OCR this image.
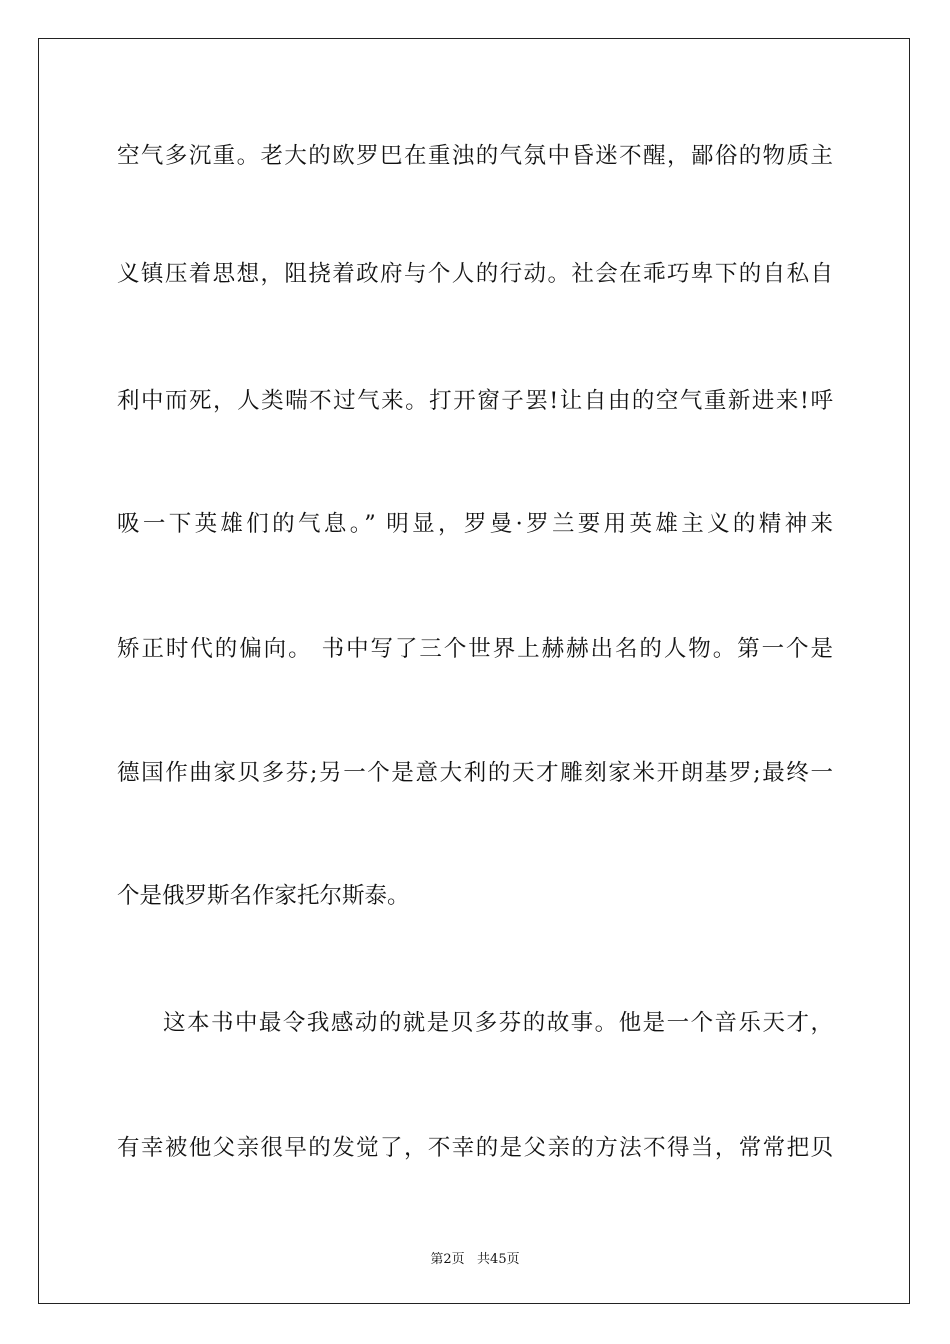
空气多沉重。老大的欧罗巴在重浊的气氛中昏迷不醒，鄙俗的物质主
义镇压着思想，阻挠着政府与个人的行动。社会在乖巧卑下的自私自
利中而死，人类喘不过气来。打开窗子罢!让自由的空气重新进来!呼
吸一下英雄们的气息。” 明显，罗曼·罗兰要用英雄主义的精神来
矫正时代的偏向。 书中写了三个世界上赫赫出名的人物。第一个是
德国作曲家贝多芬;另一个是意大利的天才雕刻家米开朗基罗;最终一
个是俄罗斯名作家托尔斯泰。
这本书中最令我感动的就是贝多芬的故事。他是一个音乐天才，
有幸被他父亲很早的发觉了，不幸的是父亲的方法不得当，常常把贝
第2页   共45页
